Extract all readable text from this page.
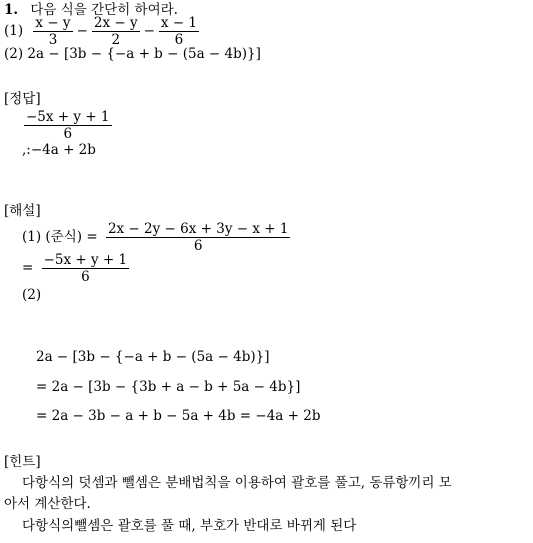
1. 다음 식을 간단히 하여라.
$(1) \frac{x - y}{3} - \frac{2x - y}{2} - \frac{x - 1}{6}$
(2) 2a − [3b − {−a + b − (5a − 4b)}]
[정답]
$\frac{-5x + y + 1}{6}$
,:−4a + 2b
[해설]
(1) (준식) = $\frac{2x - 2y - 6x + 3y - x + 1}{6}$
= $\frac{-5x + y + 1}{6}$
(2)
2a − [3b − {−a + b − (5a − 4b)}]
= 2a − [3b − {3b + a − b + 5a − 4b}]
= 2a − 3b − a + b − 5a + 4b = −4a + 2b
[힌트]
다항식의 덧셈과 뺄셈은 분배법칙을 이용하여 괄호를 풀고, 동류항끼리 모
아서 계산한다.
다항식의뺄셈은 괄호를 풀 때, 부호가 반대로 바뀌게 된다
